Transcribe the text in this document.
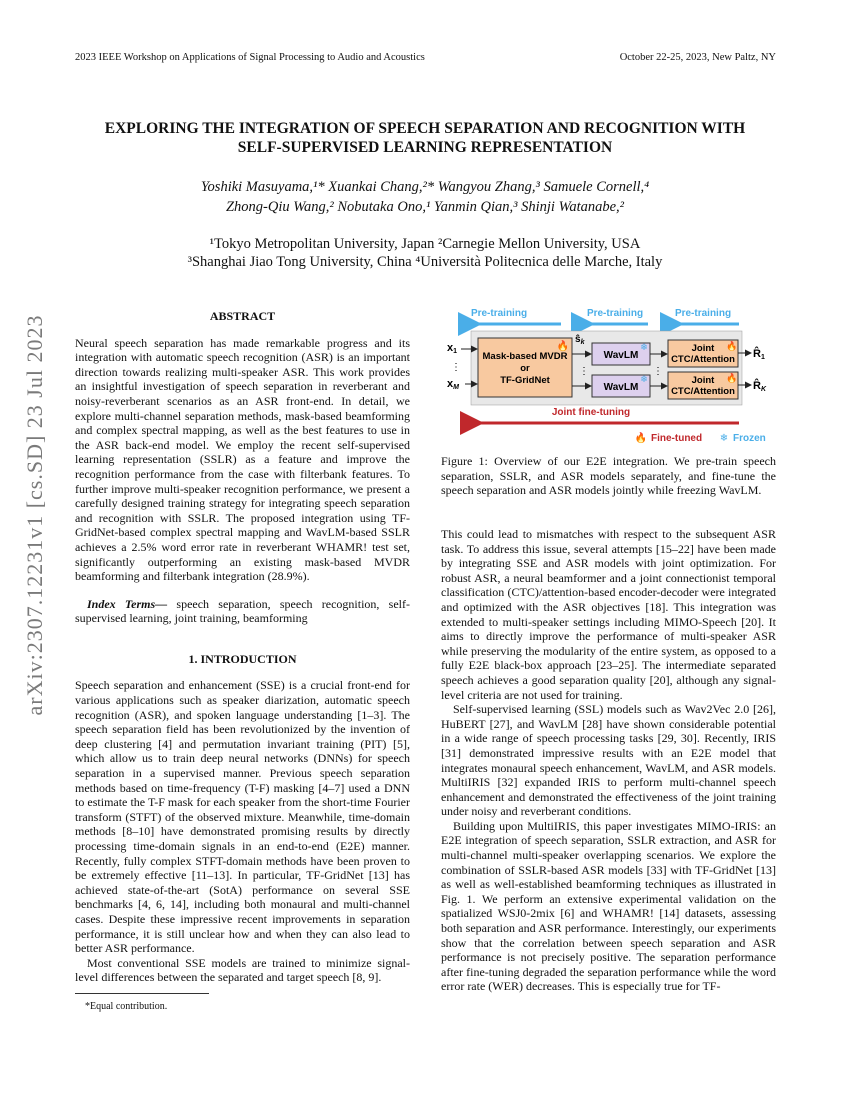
2023 IEEE Workshop on Applications of Signal Processing to Audio and Acoustics	October 22-25, 2023, New Paltz, NY
arXiv:2307.12231v1 [cs.SD] 23 Jul 2023
EXPLORING THE INTEGRATION OF SPEECH SEPARATION AND RECOGNITION WITH
SELF-SUPERVISED LEARNING REPRESENTATION
Yoshiki Masuyama,¹* Xuankai Chang,²* Wangyou Zhang,³ Samuele Cornell,⁴
Zhong-Qiu Wang,² Nobutaka Ono,¹ Yanmin Qian,³ Shinji Watanabe,²
¹Tokyo Metropolitan University, Japan ²Carnegie Mellon University, USA
³Shanghai Jiao Tong University, China ⁴Università Politecnica delle Marche, Italy
ABSTRACT

Neural speech separation has made remarkable progress and its integration with automatic speech recognition (ASR) is an important direction towards realizing multi-speaker ASR. This work provides an insightful investigation of speech separation in reverberant and noisy-reverberant scenarios as an ASR front-end. In detail, we explore multi-channel separation methods, mask-based beamforming and complex spectral mapping, as well as the best features to use in the ASR back-end model. We employ the recent self-supervised learning representation (SSLR) as a feature and improve the recognition performance from the case with filterbank features. To further improve multi-speaker recognition performance, we present a carefully designed training strategy for integrating speech separation and recognition with SSLR. The proposed integration using TF-GridNet-based complex spectral mapping and WavLM-based SSLR achieves a 2.5% word error rate in reverberant WHAMR! test set, significantly outperforming an existing mask-based MVDR beamforming and filterbank integration (28.9%).

Index Terms— speech separation, speech recognition, self-supervised learning, joint training, beamforming

1. INTRODUCTION

Speech separation and enhancement (SSE) is a crucial front-end for various applications such as speaker diarization, automatic speech recognition (ASR), and spoken language understanding [1–3]. The speech separation field has been revolutionized by the invention of deep clustering [4] and permutation invariant training (PIT) [5], which allow us to train deep neural networks (DNNs) for speech separation in a supervised manner. Previous speech separation methods based on time-frequency (T-F) masking [4–7] used a DNN to estimate the T-F mask for each speaker from the short-time Fourier transform (STFT) of the observed mixture. Meanwhile, time-domain methods [8–10] have demonstrated promising results by directly processing time-domain signals in an end-to-end (E2E) manner. Recently, fully complex STFT-domain methods have been proven to be extremely effective [11–13]. In particular, TF-GridNet [13] has achieved state-of-the-art (SotA) performance on several SSE benchmarks [4, 6, 14], including both monaural and multi-channel cases. Despite these impressive recent improvements in separation performance, it is still unclear how and when they can also lead to better ASR performance.

Most conventional SSE models are trained to minimize signal-level differences between the separated and target speech [8, 9].

*Equal contribution.
Pre-training	Pre-training	Pre-training
x1
⋮
xM
Mask-based MVDR
or
TF-GridNet
🔥
$ŝ_k$
⋮
WavLM
❄
WavLM
❄
⋮
Joint
CTC/Attention
🔥
Joint
CTC/Attention
🔥
R̂1
R̂K
Joint fine-tuning
🔥 Fine-tuned ❄ Frozen
Figure 1: Overview of our E2E integration. We pre-train speech separation, SSLR, and ASR models separately, and fine-tune the speech separation and ASR models jointly while freezing WavLM.

This could lead to mismatches with respect to the subsequent ASR task. To address this issue, several attempts [15–22] have been made by integrating SSE and ASR models with joint optimization. For robust ASR, a neural beamformer and a joint connectionist temporal classification (CTC)/attention-based encoder-decoder were integrated and optimized with the ASR objectives [18]. This integration was extended to multi-speaker settings including MIMO-Speech [20]. It aims to directly improve the performance of multi-speaker ASR while preserving the modularity of the entire system, as opposed to a fully E2E black-box approach [23–25]. The intermediate separated speech achieves a good separation quality [20], although any signal-level criteria are not used for training.

Self-supervised learning (SSL) models such as Wav2Vec 2.0 [26], HuBERT [27], and WavLM [28] have shown considerable potential in a wide range of speech processing tasks [29, 30]. Recently, IRIS [31] demonstrated impressive results with an E2E model that integrates monaural speech enhancement, WavLM, and ASR models. MultiIRIS [32] expanded IRIS to perform multi-channel speech enhancement and demonstrated the effectiveness of the joint training under noisy and reverberant conditions.

Building upon MultiIRIS, this paper investigates MIMO-IRIS: an E2E integration of speech separation, SSLR extraction, and ASR for multi-channel multi-speaker overlapping scenarios. We explore the combination of SSLR-based ASR models [33] with TF-GridNet [13] as well as well-established beamforming techniques as illustrated in Fig. 1. We perform an extensive experimental validation on the spatialized WSJ0-2mix [6] and WHAMR! [14] datasets, assessing both separation and ASR performance. Interestingly, our experiments show that the correlation between speech separation and ASR performance is not precisely positive. The separation performance after fine-tuning degraded the separation performance while the word error rate (WER) decreases. This is especially true for TF-
